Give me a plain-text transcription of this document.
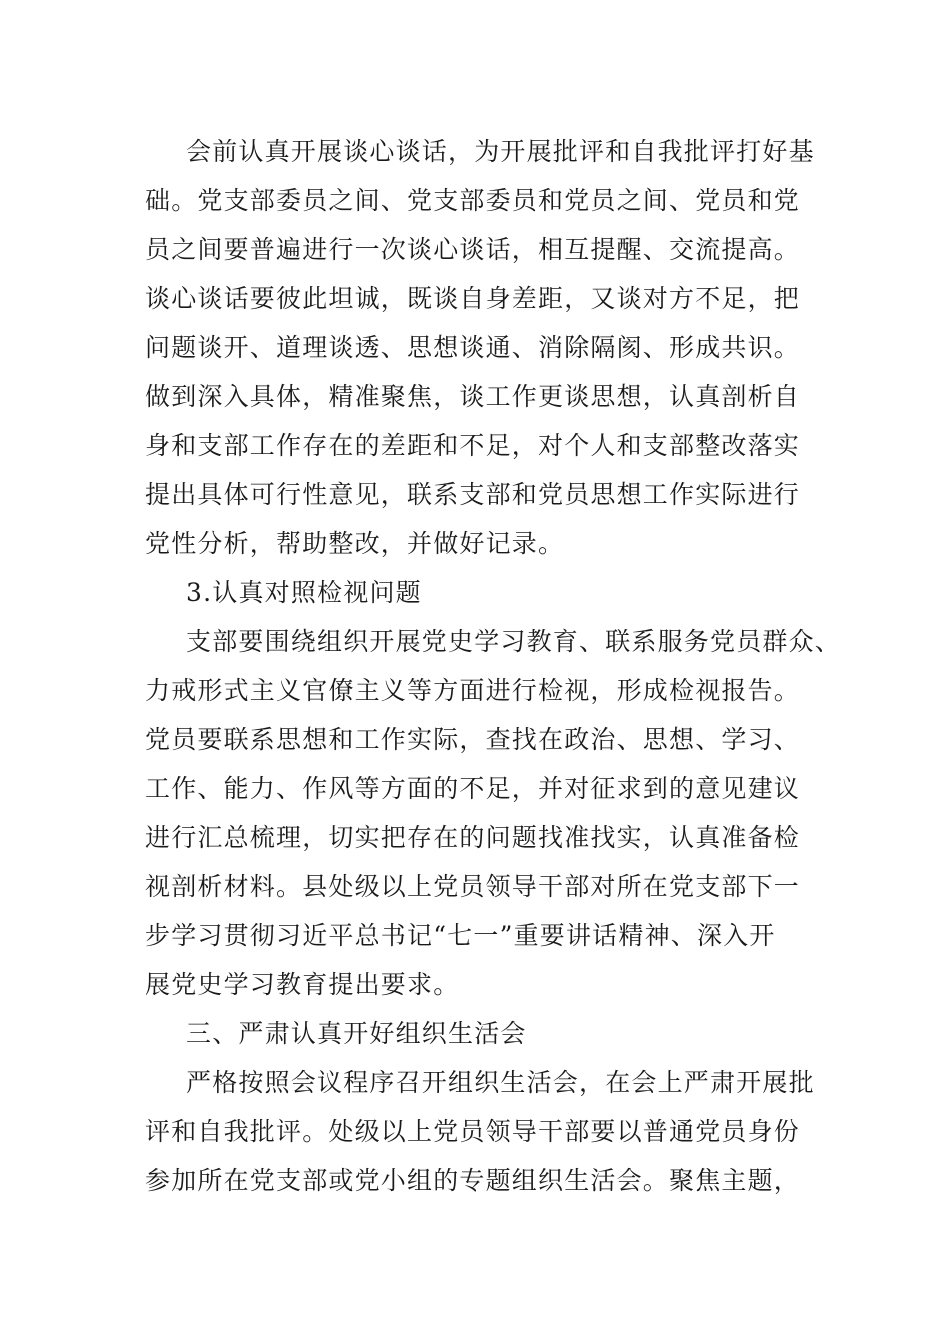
会前认真开展谈心谈话，为开展批评和自我批评打好基
础。党支部委员之间、党支部委员和党员之间、党员和党
员之间要普遍进行一次谈心谈话，相互提醒、交流提高。
谈心谈话要彼此坦诚，既谈自身差距，又谈对方不足，把
问题谈开、道理谈透、思想谈通、消除隔阂、形成共识。
做到深入具体，精准聚焦，谈工作更谈思想，认真剖析自
身和支部工作存在的差距和不足，对个人和支部整改落实
提出具体可行性意见，联系支部和党员思想工作实际进行
党性分析，帮助整改，并做好记录。
3.认真对照检视问题
支部要围绕组织开展党史学习教育、联系服务党员群众、
力戒形式主义官僚主义等方面进行检视，形成检视报告。
党员要联系思想和工作实际，查找在政治、思想、学习、
工作、能力、作风等方面的不足，并对征求到的意见建议
进行汇总梳理，切实把存在的问题找准找实，认真准备检
视剖析材料。县处级以上党员领导干部对所在党支部下一
步学习贯彻习近平总书记“七一”重要讲话精神、深入开
展党史学习教育提出要求。
三、严肃认真开好组织生活会
严格按照会议程序召开组织生活会，在会上严肃开展批
评和自我批评。处级以上党员领导干部要以普通党员身份
参加所在党支部或党小组的专题组织生活会。聚焦主题，
